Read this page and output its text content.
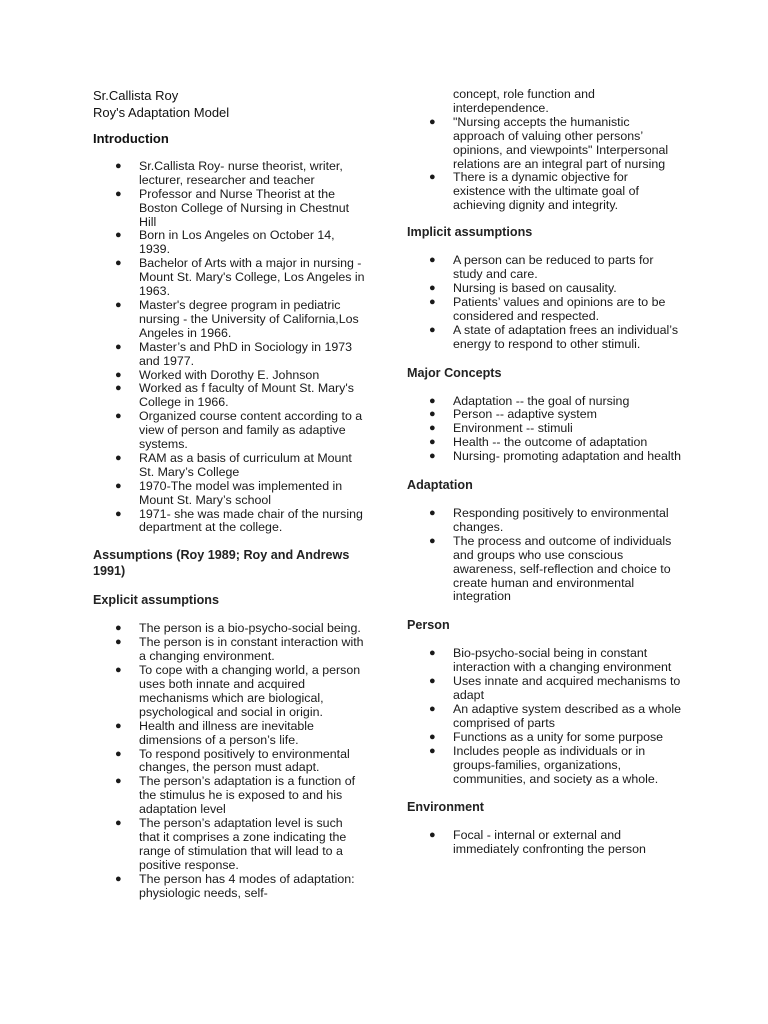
Sr.Callista Roy
Roy's Adaptation Model
Introduction
● Sr.Callista Roy- nurse theorist, writer, lecturer, researcher and teacher
● Professor and Nurse Theorist at the Boston College of Nursing in Chestnut Hill
● Born in Los Angeles on October 14, 1939.
● Bachelor of Arts with a major in nursing - Mount St. Mary's College, Los Angeles in 1963.
● Master's degree program in pediatric nursing - the University of California,Los Angeles in 1966.
● Master’s and PhD in Sociology in 1973 and 1977.
● Worked with Dorothy E. Johnson
● Worked as f faculty of Mount St. Mary's College in 1966.
● Organized course content according to a view of person and family as adaptive systems.
● RAM as a basis of curriculum at Mount St. Mary’s College
● 1970-The model was implemented in Mount St. Mary’s school
● 1971- she was made chair of the nursing department at the college.
Assumptions (Roy 1989; Roy and Andrews 1991)
Explicit assumptions
● The person is a bio-psycho-social being.
● The person is in constant interaction with a changing environment.
● To cope with a changing world, a person uses both innate and acquired mechanisms which are biological, psychological and social in origin.
● Health and illness are inevitable dimensions of a person’s life.
● To respond positively to environmental changes, the person must adapt.
● The person’s adaptation is a function of the stimulus he is exposed to and his adaptation level
● The person’s adaptation level is such that it comprises a zone indicating the range of stimulation that will lead to a positive response.
● The person has 4 modes of adaptation: physiologic needs, self-
concept, role function and interdependence.
● "Nursing accepts the humanistic approach of valuing other persons’ opinions, and viewpoints" Interpersonal relations are an integral part of nursing
● There is a dynamic objective for existence with the ultimate goal of achieving dignity and integrity.
Implicit assumptions
● A person can be reduced to parts for study and care.
● Nursing is based on causality.
● Patients’ values and opinions are to be considered and respected.
● A state of adaptation frees an individual’s energy to respond to other stimuli.
Major Concepts
● Adaptation -- the goal of nursing
● Person -- adaptive system
● Environment -- stimuli
● Health -- the outcome of adaptation
● Nursing- promoting adaptation and health
Adaptation
● Responding positively to environmental changes.
● The process and outcome of individuals and groups who use conscious awareness, self-reflection and choice to create human and environmental integration
Person
● Bio-psycho-social being in constant interaction with a changing environment
● Uses innate and acquired mechanisms to adapt
● An adaptive system described as a whole comprised of parts
● Functions as a unity for some purpose
● Includes people as individuals or in groups-families, organizations, communities, and society as a whole.
Environment
● Focal - internal or external and immediately confronting the person
